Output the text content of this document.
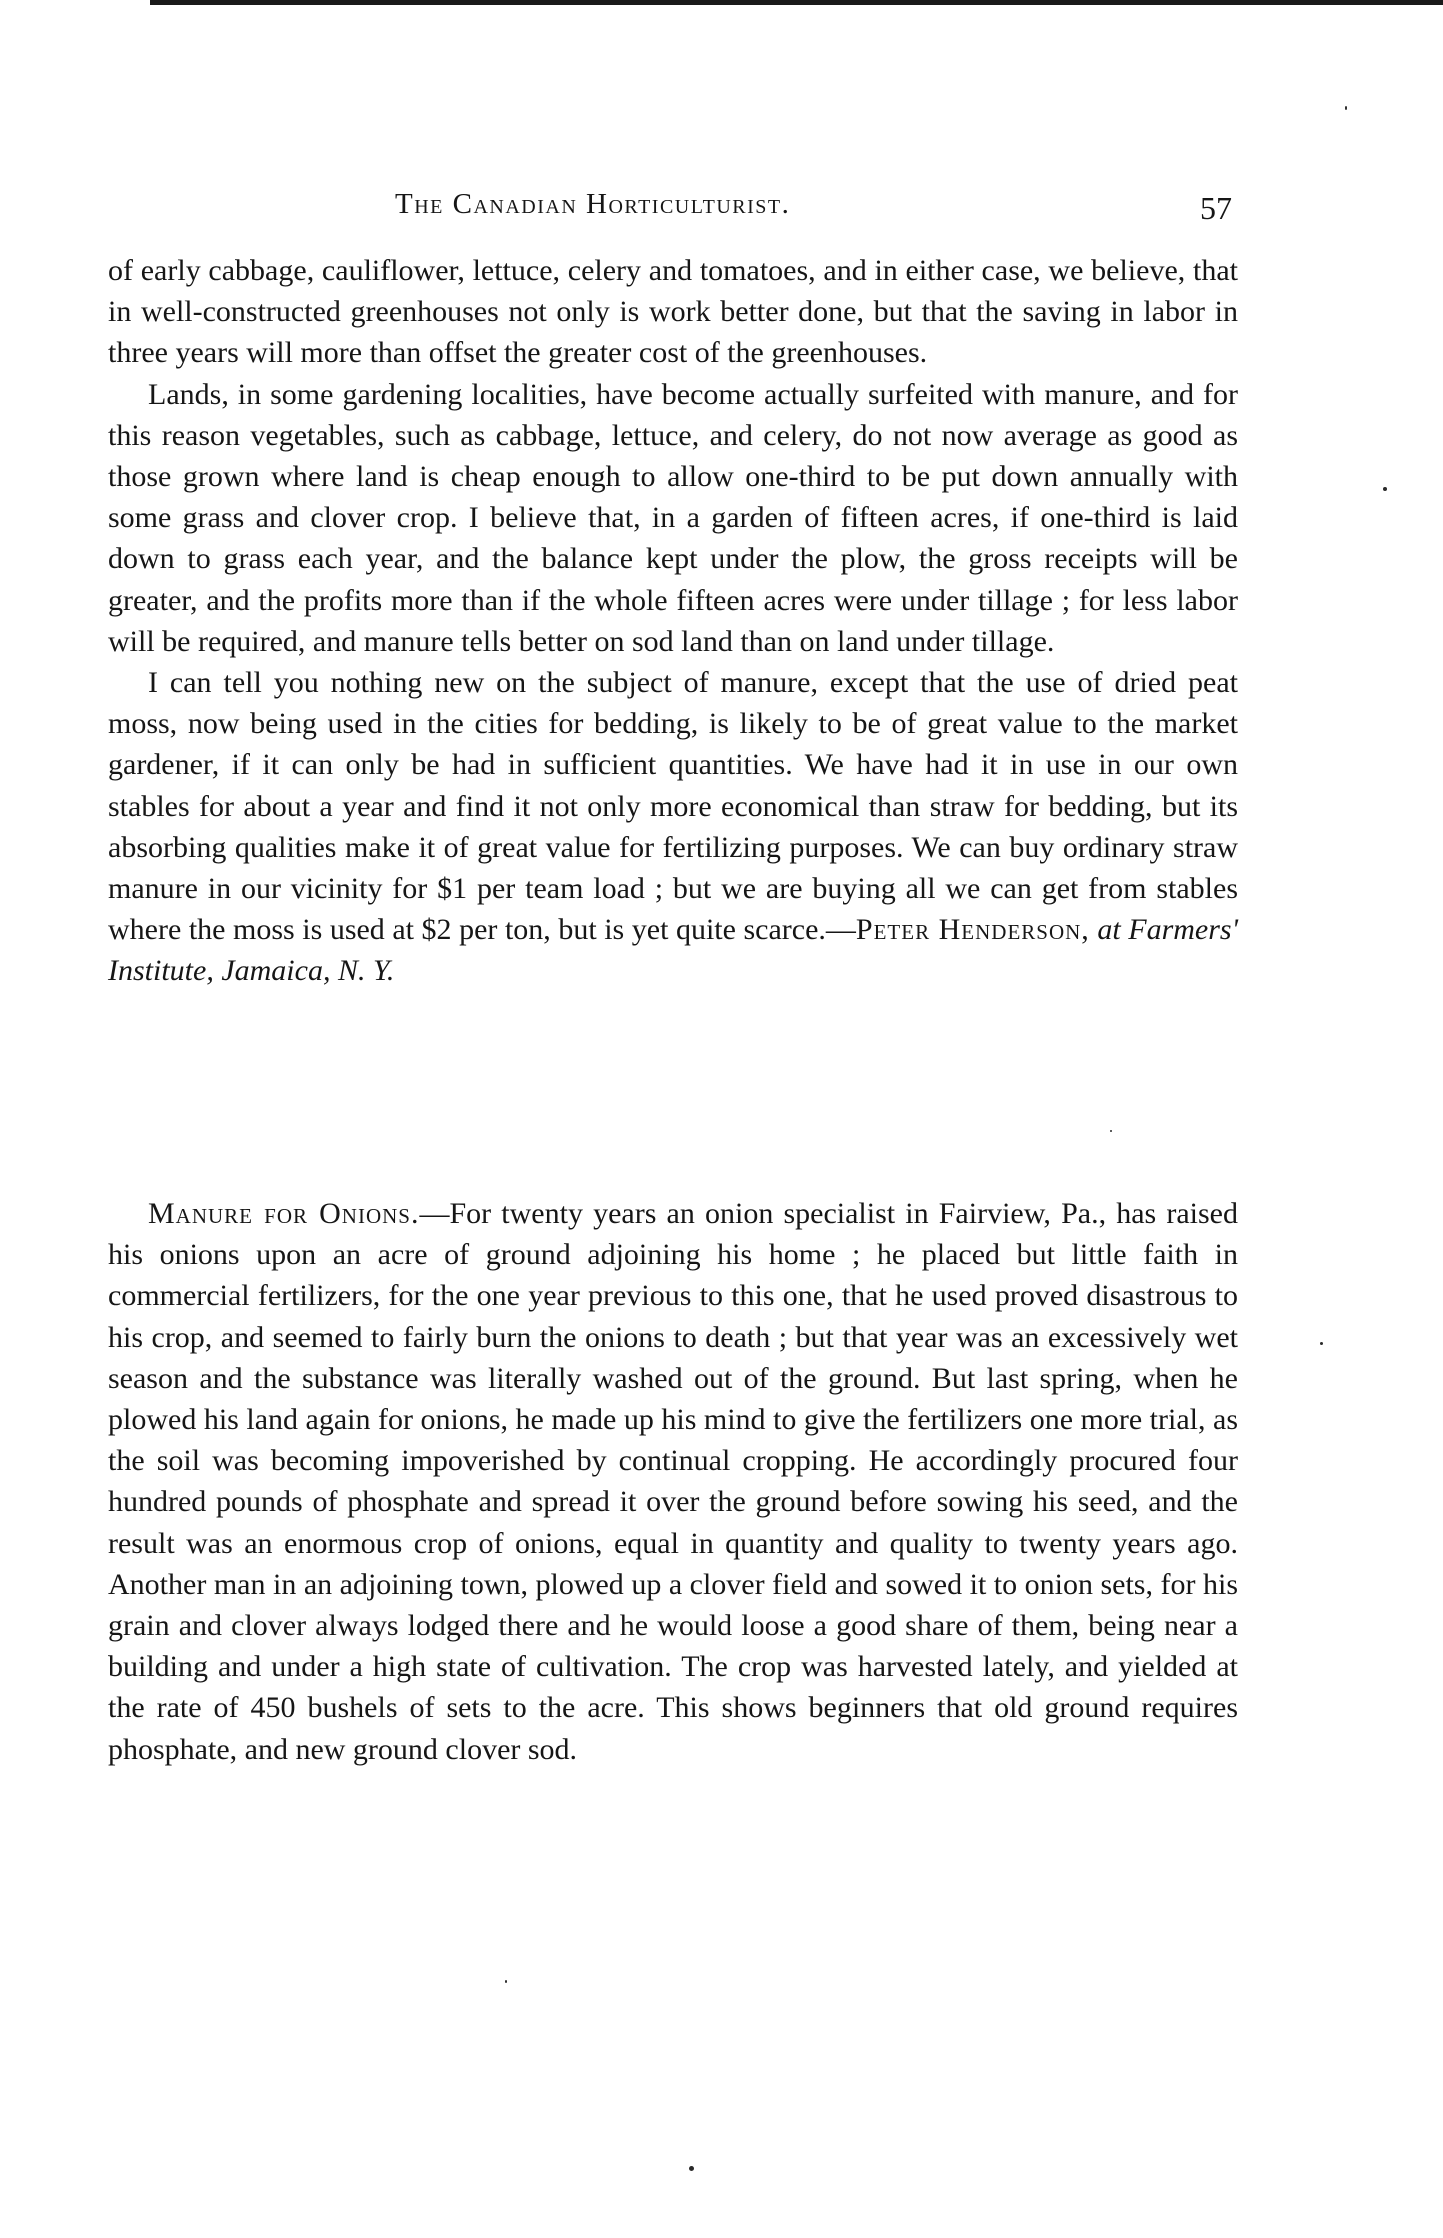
The Canadian Horticulturist.	57

of early cabbage, cauliflower, lettuce, celery and tomatoes, and in either case, we believe, that in well-constructed greenhouses not only is work better done, but that the saving in labor in three years will more than offset the greater cost of the greenhouses.

Lands, in some gardening localities, have become actually surfeited with manure, and for this reason vegetables, such as cabbage, lettuce, and celery, do not now average as good as those grown where land is cheap enough to allow one-third to be put down annually with some grass and clover crop. I believe that, in a garden of fifteen acres, if one-third is laid down to grass each year, and the balance kept under the plow, the gross receipts will be greater, and the profits more than if the whole fifteen acres were under tillage ; for less labor will be required, and manure tells better on sod land than on land under tillage.

I can tell you nothing new on the subject of manure, except that the use of dried peat moss, now being used in the cities for bedding, is likely to be of great value to the market gardener, if it can only be had in sufficient quantities. We have had it in use in our own stables for about a year and find it not only more economical than straw for bedding, but its absorbing qualities make it of great value for fertilizing purposes. We can buy ordinary straw manure in our vicinity for $1 per team load ; but we are buying all we can get from stables where the moss is used at $2 per ton, but is yet quite scarce.—Peter Henderson, at Farmers' Institute, Jamaica, N. Y.

Manure for Onions.—For twenty years an onion specialist in Fairview, Pa., has raised his onions upon an acre of ground adjoining his home ; he placed but little faith in commercial fertilizers, for the one year previous to this one, that he used proved disastrous to his crop, and seemed to fairly burn the onions to death ; but that year was an excessively wet season and the substance was literally washed out of the ground. But last spring, when he plowed his land again for onions, he made up his mind to give the fertilizers one more trial, as the soil was becoming impoverished by continual cropping. He accordingly procured four hundred pounds of phosphate and spread it over the ground before sowing his seed, and the result was an enormous crop of onions, equal in quantity and quality to twenty years ago. Another man in an adjoining town, plowed up a clover field and sowed it to onion sets, for his grain and clover always lodged there and he would loose a good share of them, being near a building and under a high state of cultivation. The crop was harvested lately, and yielded at the rate of 450 bushels of sets to the acre. This shows beginners that old ground requires phosphate, and new ground clover sod.
